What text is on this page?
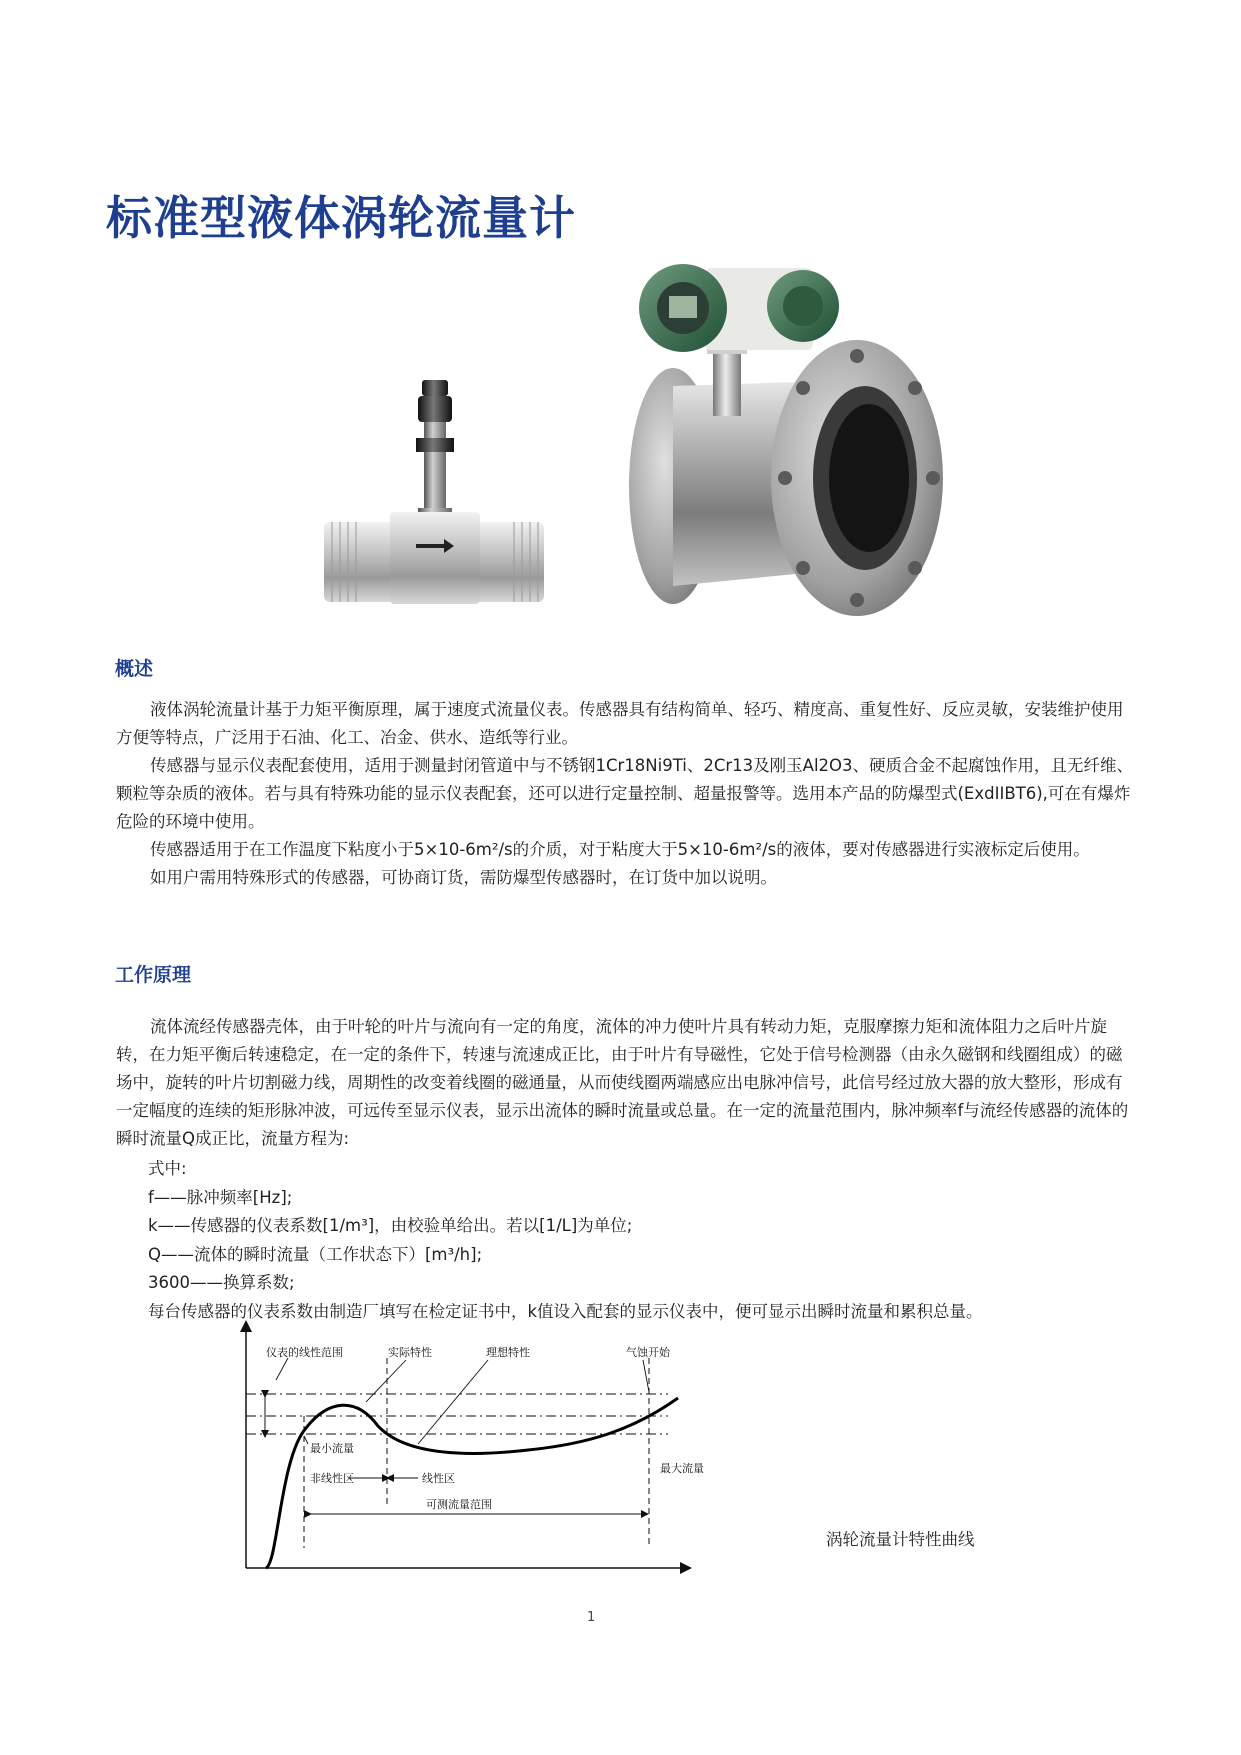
标准型液体涡轮流量计
概述

液体涡轮流量计基于力矩平衡原理，属于速度式流量仪表。传感器具有结构简单、轻巧、精度高、重复性好、反应灵敏，安装维护使用方便等特点，广泛用于石油、化工、冶金、供水、造纸等行业。

传感器与显示仪表配套使用，适用于测量封闭管道中与不锈钢1Cr18Ni9Ti、2Cr13及刚玉Al2O3、硬质合金不起腐蚀作用，且无纤维、颗粒等杂质的液体。若与具有特殊功能的显示仪表配套，还可以进行定量控制、超量报警等。选用本产品的防爆型式(ExdIIBT6),可在有爆炸危险的环境中使用。

传感器适用于在工作温度下粘度小于5×10-6m²/s的介质，对于粘度大于5×10-6m²/s的液体，要对传感器进行实液标定后使用。

如用户需用特殊形式的传感器，可协商订货，需防爆型传感器时，在订货中加以说明。

工作原理

流体流经传感器壳体，由于叶轮的叶片与流向有一定的角度，流体的冲力使叶片具有转动力矩，克服摩擦力矩和流体阻力之后叶片旋转，在力矩平衡后转速稳定，在一定的条件下，转速与流速成正比，由于叶片有导磁性，它处于信号检测器（由永久磁钢和线圈组成）的磁场中，旋转的叶片切割磁力线，周期性的改变着线圈的磁通量，从而使线圈两端感应出电脉冲信号，此信号经过放大器的放大整形，形成有一定幅度的连续的矩形脉冲波，可远传至显示仪表，显示出流体的瞬时流量或总量。在一定的流量范围内，脉冲频率f与流经传感器的流体的瞬时流量Q成正比，流量方程为:

式中:
f——脉冲频率[Hz];
k——传感器的仪表系数[1/m³]，由校验单给出。若以[1/L]为单位;
Q——流体的瞬时流量（工作状态下）[m³/h];
3600——换算系数;
每台传感器的仪表系数由制造厂填写在检定证书中，k值设入配套的显示仪表中，便可显示出瞬时流量和累积总量。
仪表的线性范围	实际特性	理想特性	气蚀开始
最小流量
最大流量
非线性区	线性区
可测流量范围
涡轮流量计特性曲线
1
